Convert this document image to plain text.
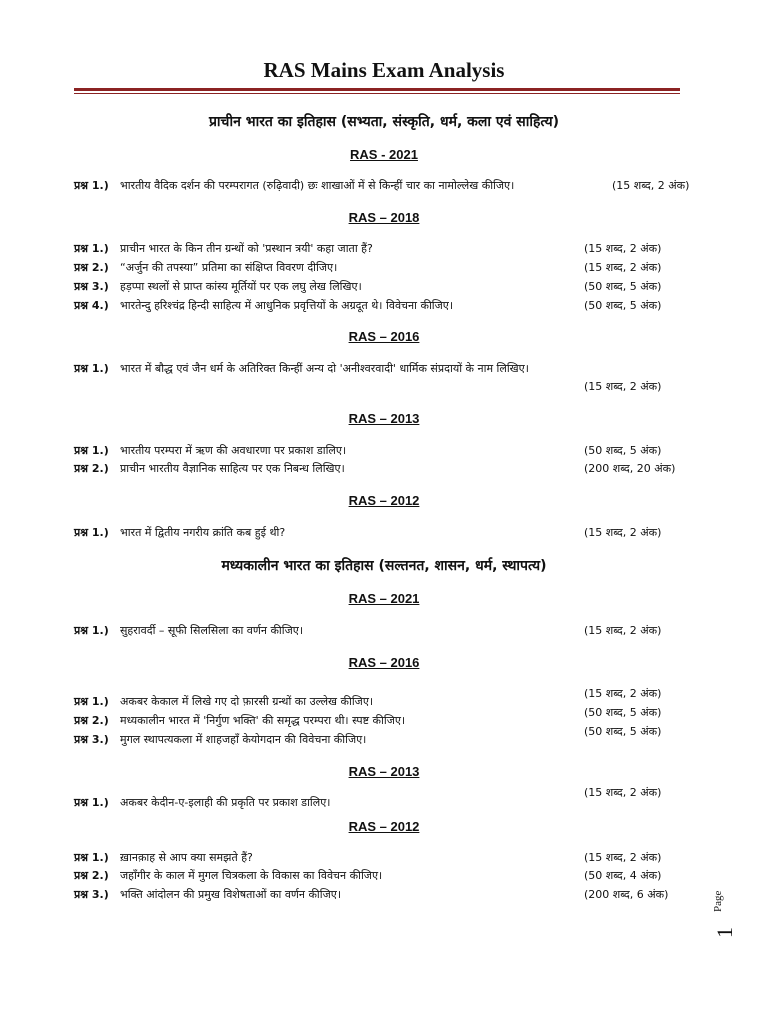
RAS Mains Exam Analysis
प्राचीन भारत का इतिहास (सभ्यता, संस्कृति, धर्म, कला एवं साहित्य)
RAS - 2021
प्रश्न 1.) भारतीय वैदिक दर्शन की परम्परागत (रुढ़िवादी) छः शाखाओं में से किन्हीं चार का नामोल्लेख कीजिए।	(15 शब्द, 2 अंक)
RAS – 2018
प्रश्न 1.) प्राचीन भारत के किन तीन ग्रन्थों को 'प्रस्थान त्रयी' कहा जाता हैं?	(15 शब्द, 2 अंक)
प्रश्न 2.) “अर्जुन की तपस्या” प्रतिमा का संक्षिप्त विवरण दीजिए।	(15 शब्द, 2 अंक)
प्रश्न 3.) हड़प्पा स्थलों से प्राप्त कांस्य मूर्तियों पर एक लघु लेख लिखिए।	(50 शब्द, 5 अंक)
प्रश्न 4.) भारतेन्दु हरिश्चंद्र हिन्दी साहित्य में आधुनिक प्रवृत्तियों के अग्रदूत थे। विवेचना कीजिए।	(50 शब्द, 5 अंक)
RAS – 2016
प्रश्न 1.) भारत में बौद्ध एवं जैन धर्म के अतिरिक्त किन्हीं अन्य दो 'अनीश्वरवादी' धार्मिक संप्रदायों के नाम लिखिए।
(15 शब्द, 2 अंक)
RAS – 2013
प्रश्न 1.) भारतीय परम्परा में ऋण की अवधारणा पर प्रकाश डालिए।	(50 शब्द, 5 अंक)
प्रश्न 2.) प्राचीन भारतीय वैज्ञानिक साहित्य पर एक निबन्ध लिखिए।	(200 शब्द, 20 अंक)
RAS – 2012
प्रश्न 1.) भारत में द्वितीय नगरीय क्रांति कब हुई थी?	(15 शब्द, 2 अंक)
मध्यकालीन भारत का इतिहास (सल्तनत, शासन, धर्म, स्थापत्य)
RAS – 2021
प्रश्न 1.) सुहरावर्दी – सूफी सिलसिला का वर्णन कीजिए।	(15 शब्द, 2 अंक)
RAS – 2016
प्रश्न 1.) अकबर केकाल में लिखे गए दो फ़ारसी ग्रन्थों का उल्लेख कीजिए।
(15 शब्द, 2 अंक)
प्रश्न 2.) मध्यकालीन भारत में 'निर्गुण भक्ति' की समृद्ध परम्परा थी। स्पष्ट कीजिए।
(50 शब्द, 5 अंक)
प्रश्न 3.) मुगल स्थापत्यकला में शाहजहाँ केयोगदान की विवेचना कीजिए।
(50 शब्द, 5 अंक)
RAS – 2013
प्रश्न 1.) अकबर केदीन-ए-इलाही की प्रकृति पर प्रकाश डालिए।
(15 शब्द, 2 अंक)
RAS – 2012
प्रश्न 1.) ख़ानक़ाह से आप क्या समझते हैं?	(15 शब्द, 2 अंक)
प्रश्न 2.) जहाँगीर के काल में मुगल चित्रकला के विकास का विवेचन कीजिए।	(50 शब्द, 4 अंक)
प्रश्न 3.) भक्ति आंदोलन की प्रमुख विशेषताओं का वर्णन कीजिए।	(200 शब्द, 6 अंक)	Page
1
